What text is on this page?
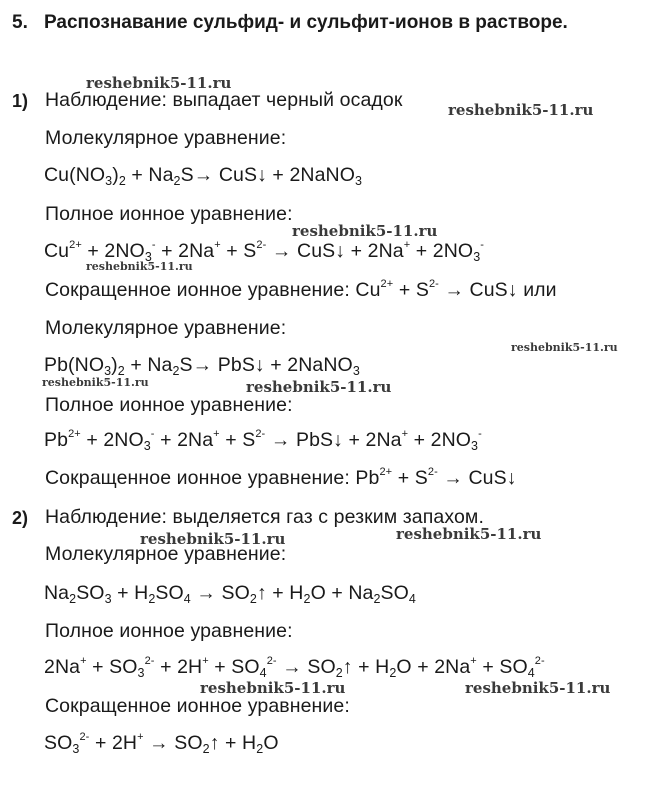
5. Распознавание сульфид- и сульфит-ионов в растворе.
1) Наблюдение: выпадает черный осадок
Молекулярное уравнение:
$Cu(NO_3)_2 + Na_2S\to$ CuS↓ + 2NaNO$_3$
Полное ионное уравнение:
$Cu^{2+} + 2NO_3^- + 2Na^+ + S^{2-}$ → CuS↓ + $2Na^+ + 2NO_3^-$
Сокращенное ионное уравнение: $Cu^{2+} + S^{2-}$ → CuS↓ или
Молекулярное уравнение:
$Pb(NO_3)_2 + Na_2S\to$ PbS↓ + 2NaNO$_3$
Полное ионное уравнение:
$Pb^{2+} + 2NO_3^- + 2Na^+ + S^{2-}$ → PbS↓ + $2Na^+ + 2NO_3^-$
Сокращенное ионное уравнение: $Pb^{2+} + S^{2-}$ → CuS↓
2) Наблюдение: выделяется газ с резким запахом.
Молекулярное уравнение:
$Na_2SO_3 + H_2SO_4$ → $SO_2↑ + H_2O + Na_2SO_4$
Полное ионное уравнение:
$2Na^+ + SO_3^{2-} + 2H^+ + SO_4^{2-}$ → $SO_2↑ + H_2O + 2Na^+ + SO_4^{2-}$
Сокращенное ионное уравнение:
$SO_3^{2-} + 2H^+$ → $SO_2↑ + H_2O$
reshebnik5-11.ru
reshebnik5-11.ru
reshebnik5-11.ru
reshebnik5-11.ru
reshebnik5-11.ru
reshebnik5-11.ru	reshebnik5-11.ru
reshebnik5-11.ru	reshebnik5-11.ru
reshebnik5-11.ru	reshebnik5-11.ru
